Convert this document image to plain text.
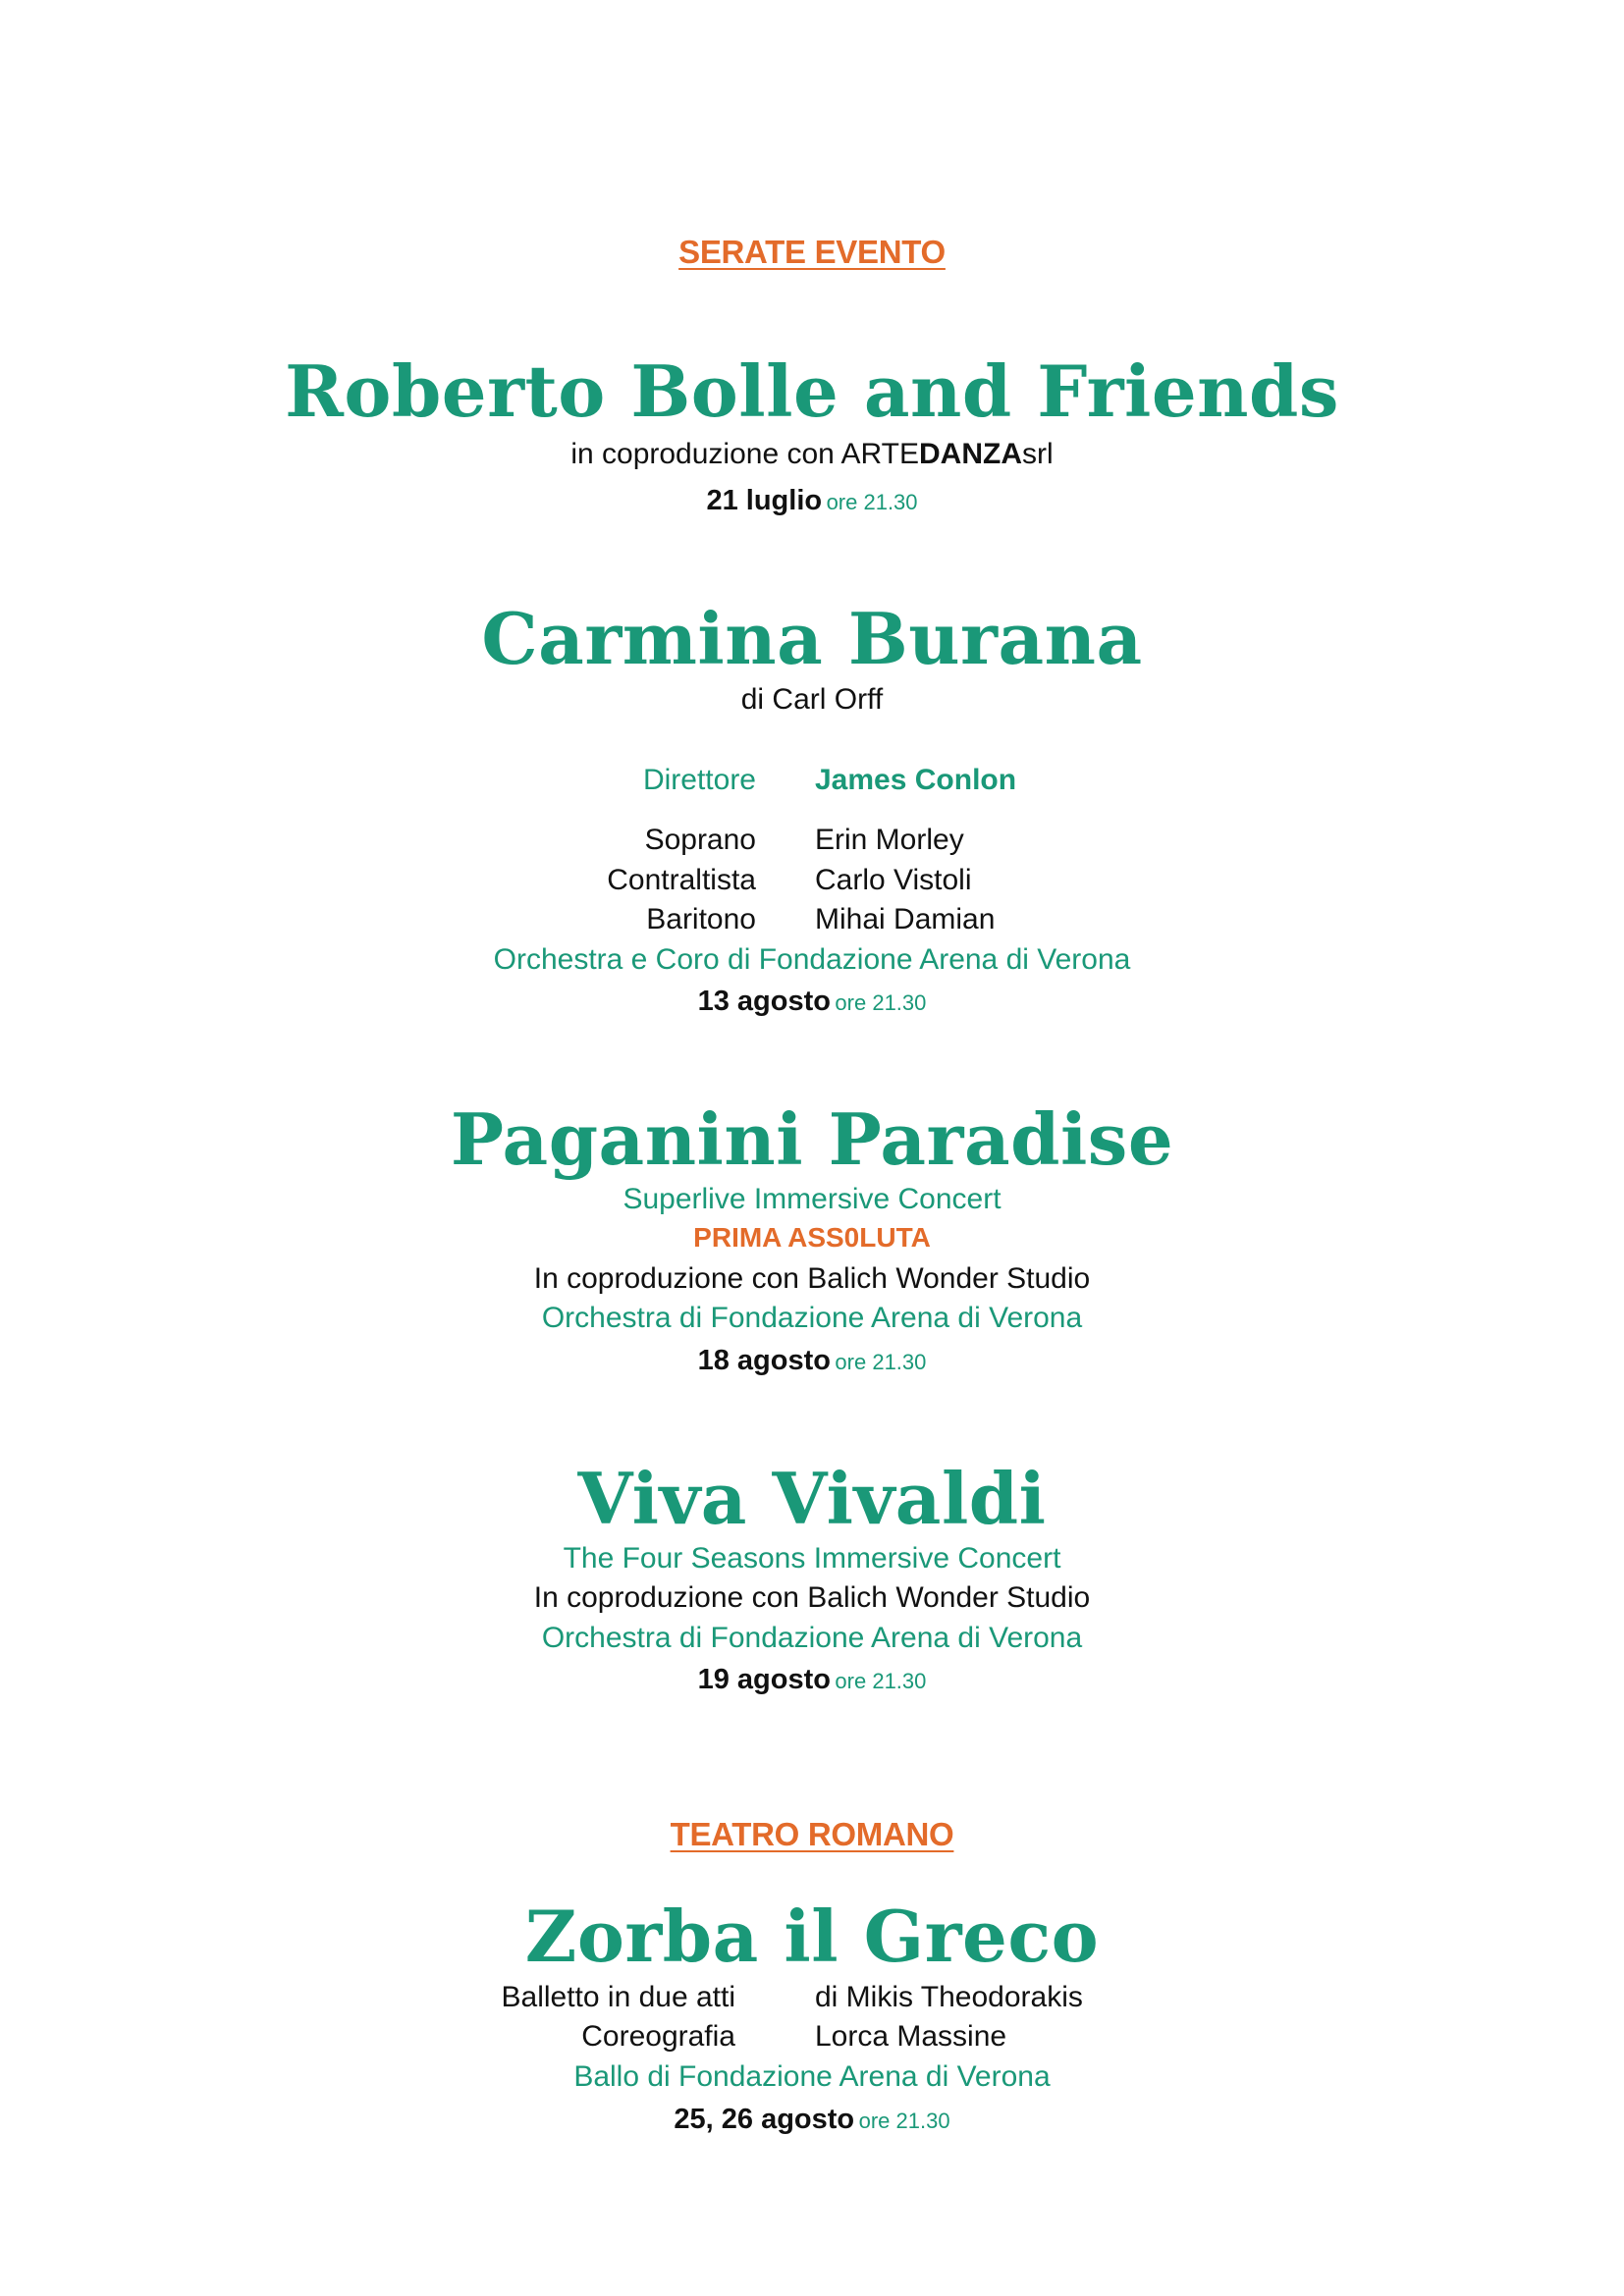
SERATE EVENTO
Roberto Bolle and Friends
in coproduzione con ARTEDANZAsrl
21 luglio ore 21.30
Carmina Burana
di Carl Orff
Direttore James Conlon
Soprano Erin Morley
Contraltista Carlo Vistoli
Baritono Mihai Damian
Orchestra e Coro di Fondazione Arena di Verona
13 agosto ore 21.30
Paganini Paradise
Superlive Immersive Concert
PRIMA ASS0LUTA
In coproduzione con Balich Wonder Studio
Orchestra di Fondazione Arena di Verona
18 agosto ore 21.30
Viva Vivaldi
The Four Seasons Immersive Concert
In coproduzione con Balich Wonder Studio
Orchestra di Fondazione Arena di Verona
19 agosto ore 21.30
TEATRO ROMANO
Zorba il Greco
Balletto in due atti	di Mikis Theodorakis
Coreografia	Lorca Massine
Ballo di Fondazione Arena di Verona
25, 26 agosto ore 21.30
